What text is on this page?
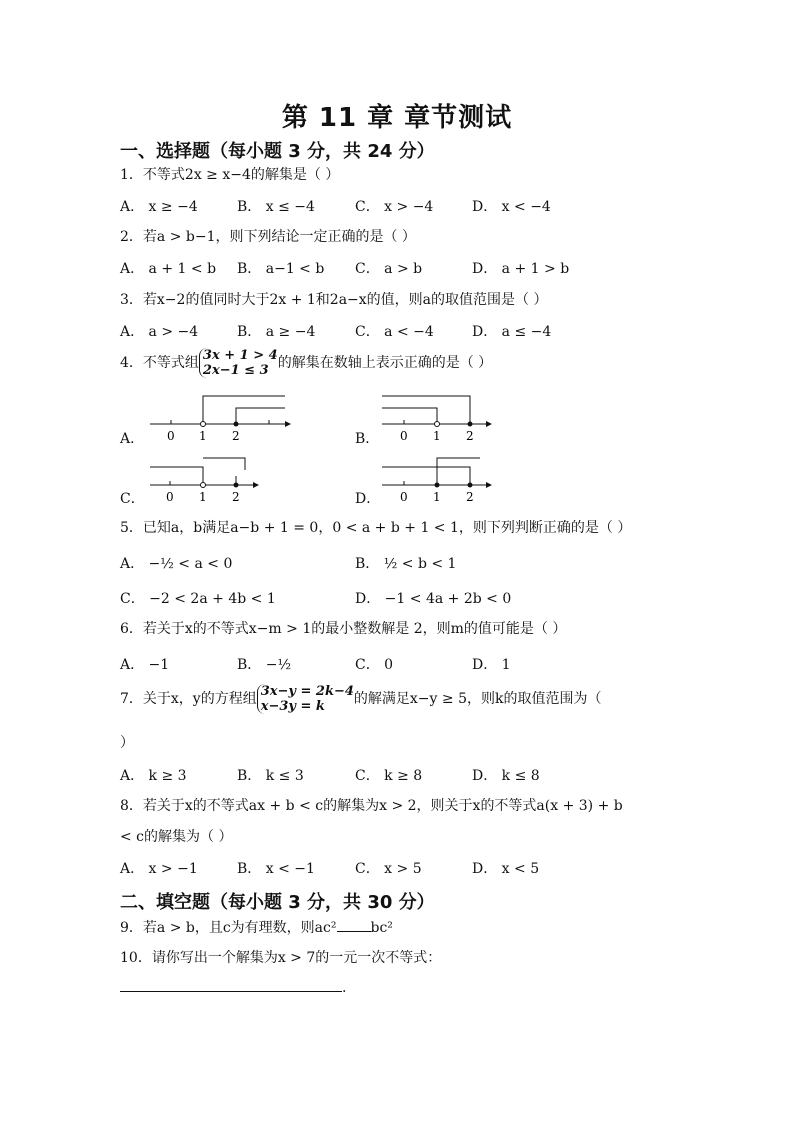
第 11 章 章节测试
一、选择题（每小题 3 分，共 24 分）
1．不等式2x ≥ x−4的解集是（ ）
A． x ≥ −4	B． x ≤ −4	C． x > −4	D． x < −4
2．若a > b−1，则下列结论一定正确的是（ ）
A． a + 1 < b B． a−1 < b C． a > b	D． a + 1 > b
3．若x−2的值同时大于2x + 1和2a−x的值，则a的取值范围是（ ）
A． a > −4	B． a ≥ −4	C． a < −4	D． a ≤ −4
4．不等式组 3x + 1 > 4
2x−1 ≤ 3 的解集在数轴上表示正确的是（ ）
A． 0 1 2	B． 0 1 2
C． 0 1 2	D． 0 1 2
5．已知a，b满足a−b + 1 = 0，0 < a + b + 1 < 1，则下列判断正确的是（ ）
A． −½ < a < 0	B． ½ < b < 1
C． −2 < 2a + 4b < 1	D． −1 < 4a + 2b < 0
6．若关于x的不等式x−m > 1的最小整数解是 2，则m的值可能是（ ）
A． −1	B． −½	C． 0	D． 1
7．关于x，y的方程组 3x−y = 2k−4
x−3y = k 的解满足x−y ≥ 5，则k的取值范围为（
）
A． k ≥ 3	B． k ≤ 3	C． k ≥ 8	D． k ≤ 8
8．若关于x的不等式ax + b < c的解集为x > 2，则关于x的不等式a(x + 3) + b
< c的解集为（ ）
A． x > −1	B． x < −1	C． x > 5	D． x < 5
二、填空题（每小题 3 分，共 30 分）
9．若a > b，且c为有理数，则ac² bc²
10．请你写出一个解集为x > 7的一元一次不等式：
.
